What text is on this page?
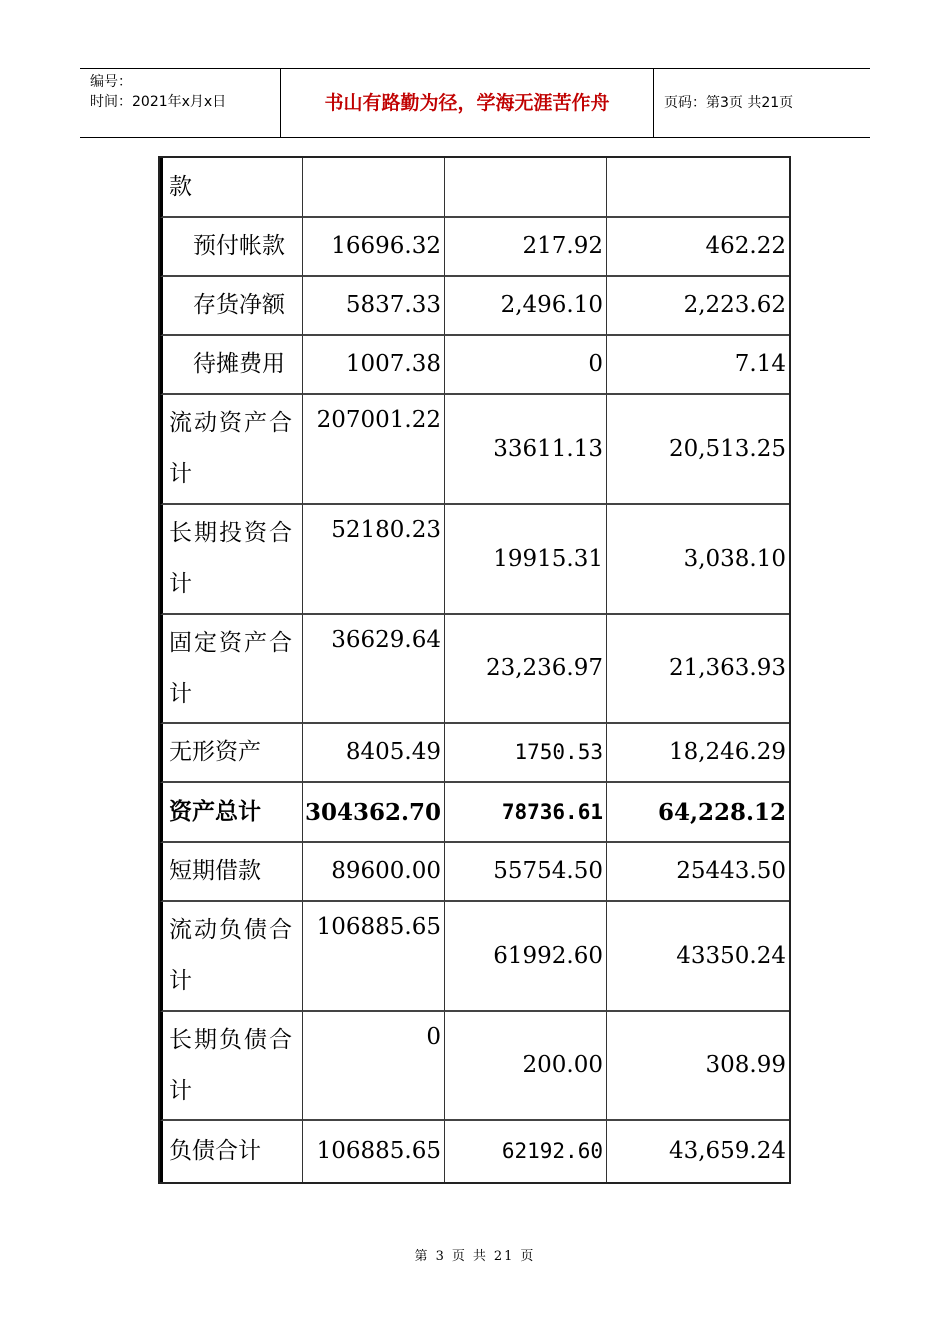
编号：
时间：2021年x月x日	书山有路勤为径，学海无涯苦作舟	页码：第3页 共21页
款			
预付帐款	16696.32	217.92	462.22
存货净额	5837.33	2,496.10	2,223.62
待摊费用	1007.38	0	7.14

流动资产合
计	207001.22	33611.13	20,513.25

长期投资合
计	52180.23	19915.31	3,038.10

固定资产合
计	36629.64	23,236.97	21,363.93
无形资产	8405.49	1750.53	18,246.29
资产总计	304362.70	78736.61	64,228.12
短期借款	89600.00	55754.50	25443.50

流动负债合
计	106885.65	61992.60	43350.24

长期负债合
计	0	200.00	308.99
负债合计	106885.65	62192.60	43,659.24
第 3 页 共 21 页
